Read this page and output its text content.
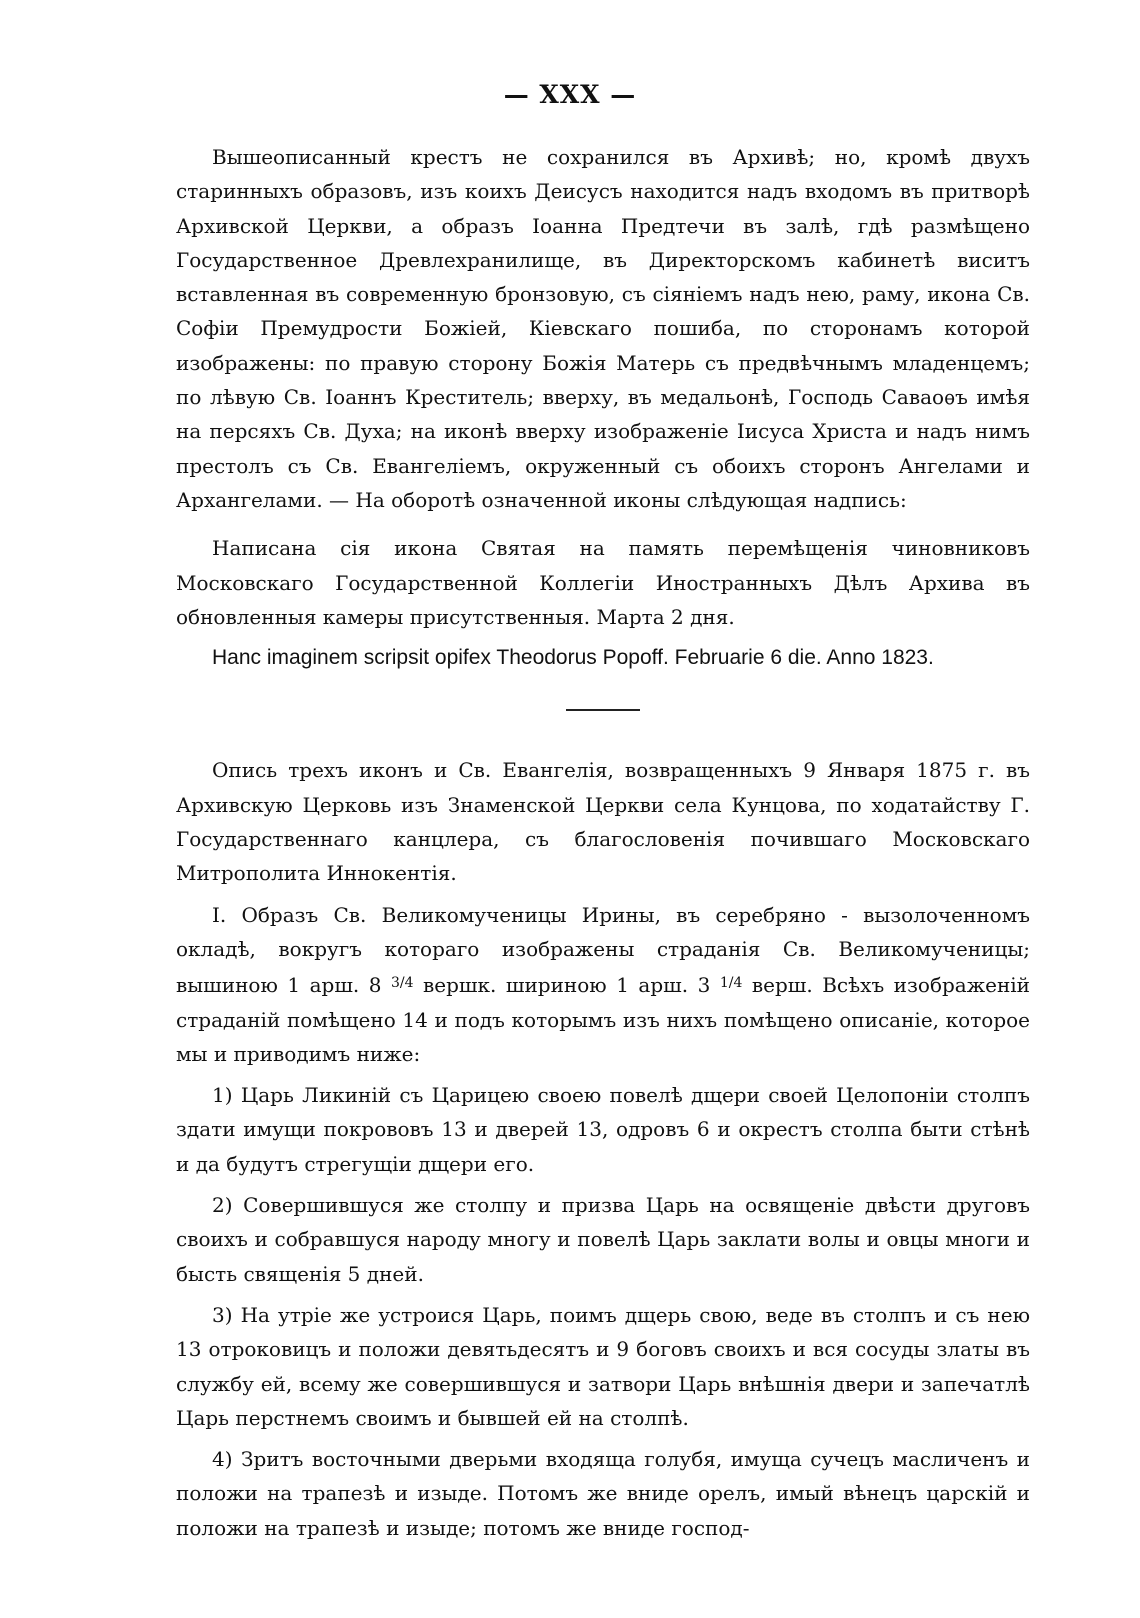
— XXX —

Вышеописанный крестъ не сохранился въ Архивѣ; но, кромѣ двухъ старинныхъ образовъ, изъ коихъ Деисусъ находится надъ входомъ въ притворѣ Архивской Церкви, а образъ Іоанна Предтечи въ залѣ, гдѣ размѣщено Государственное Древлехранилище, въ Директорскомъ кабинетѣ виситъ вставленная въ современную бронзовую, съ сіяніемъ надъ нею, раму, икона Св. Софіи Премудрости Божіей, Кіевскаго пошиба, по сторонамъ которой изображены: по правую сторону Божія Матерь съ предвѣчнымъ младенцемъ; по лѣвую Св. Іоаннъ Креститель; вверху, въ медальонѣ, Господь Саваоѳъ имѣя на персяхъ Св. Духа; на иконѣ вверху изображеніе Іисуса Христа и надъ нимъ престолъ съ Св. Евангеліемъ, окруженный съ обоихъ сторонъ Ангелами и Архангелами. — На оборотѣ означенной иконы слѣдующая надпись:

Написана сія икона Святая на память перемѣщенія чиновниковъ Московскаго Государственной Коллегіи Иностранныхъ Дѣлъ Архива въ обновленныя камеры присутственныя. Марта 2 дня.

Hanc imaginem scripsit opifex Theodorus Popoff. Februarie 6 die. Anno 1823.

Опись трехъ иконъ и Св. Евангелія, возвращенныхъ 9 Января 1875 г. въ Архивскую Церковь изъ Знаменской Церкви села Кунцова, по ходатайству Г. Государственнаго канцлера, съ благословенія почившаго Московскаго Митрополита Иннокентія.

I. Образъ Св. Великомученицы Ирины, въ серебряно - вызолоченномъ окладѣ, вокругъ котораго изображены страданія Св. Великомученицы; вышиною 1 арш. 8 $^{3/4}$ вершк. шириною 1 арш. 3 $^{1/4}$ верш. Всѣхъ изображеній страданій помѣщено 14 и подъ которымъ изъ нихъ помѣщено описаніе, которое мы и приводимъ ниже:

1) Царь Ликиній съ Царицею своею повелѣ дщери своей Целопоніи столпъ здати имущи покрововъ 13 и дверей 13, одровъ 6 и окрестъ столпа быти стѣнѣ и да будутъ стрегущіи дщери его.

2) Совершившуся же столпу и призва Царь на освященіе двѣсти друговъ своихъ и собравшуся народу многу и повелѣ Царь заклати волы и овцы многи и бысть священія 5 дней.

3) На утріе же устроися Царь, поимъ дщерь свою, веде въ столпъ и съ нею 13 отроковицъ и положи девятьдесятъ и 9 боговъ своихъ и вся сосуды златы въ службу ей, всему же совершившуся и затвори Царь внѣшнія двери и запечатлѣ Царь перстнемъ своимъ и бывшей ей на столпѣ.

4) Зритъ восточными дверьми входяща голубя, имуща сучецъ масличенъ и положи на трапезѣ и изыде. Потомъ же вниде орелъ, имый вѣнецъ царскій и положи на трапезѣ и изыде; потомъ же вниде господ-
